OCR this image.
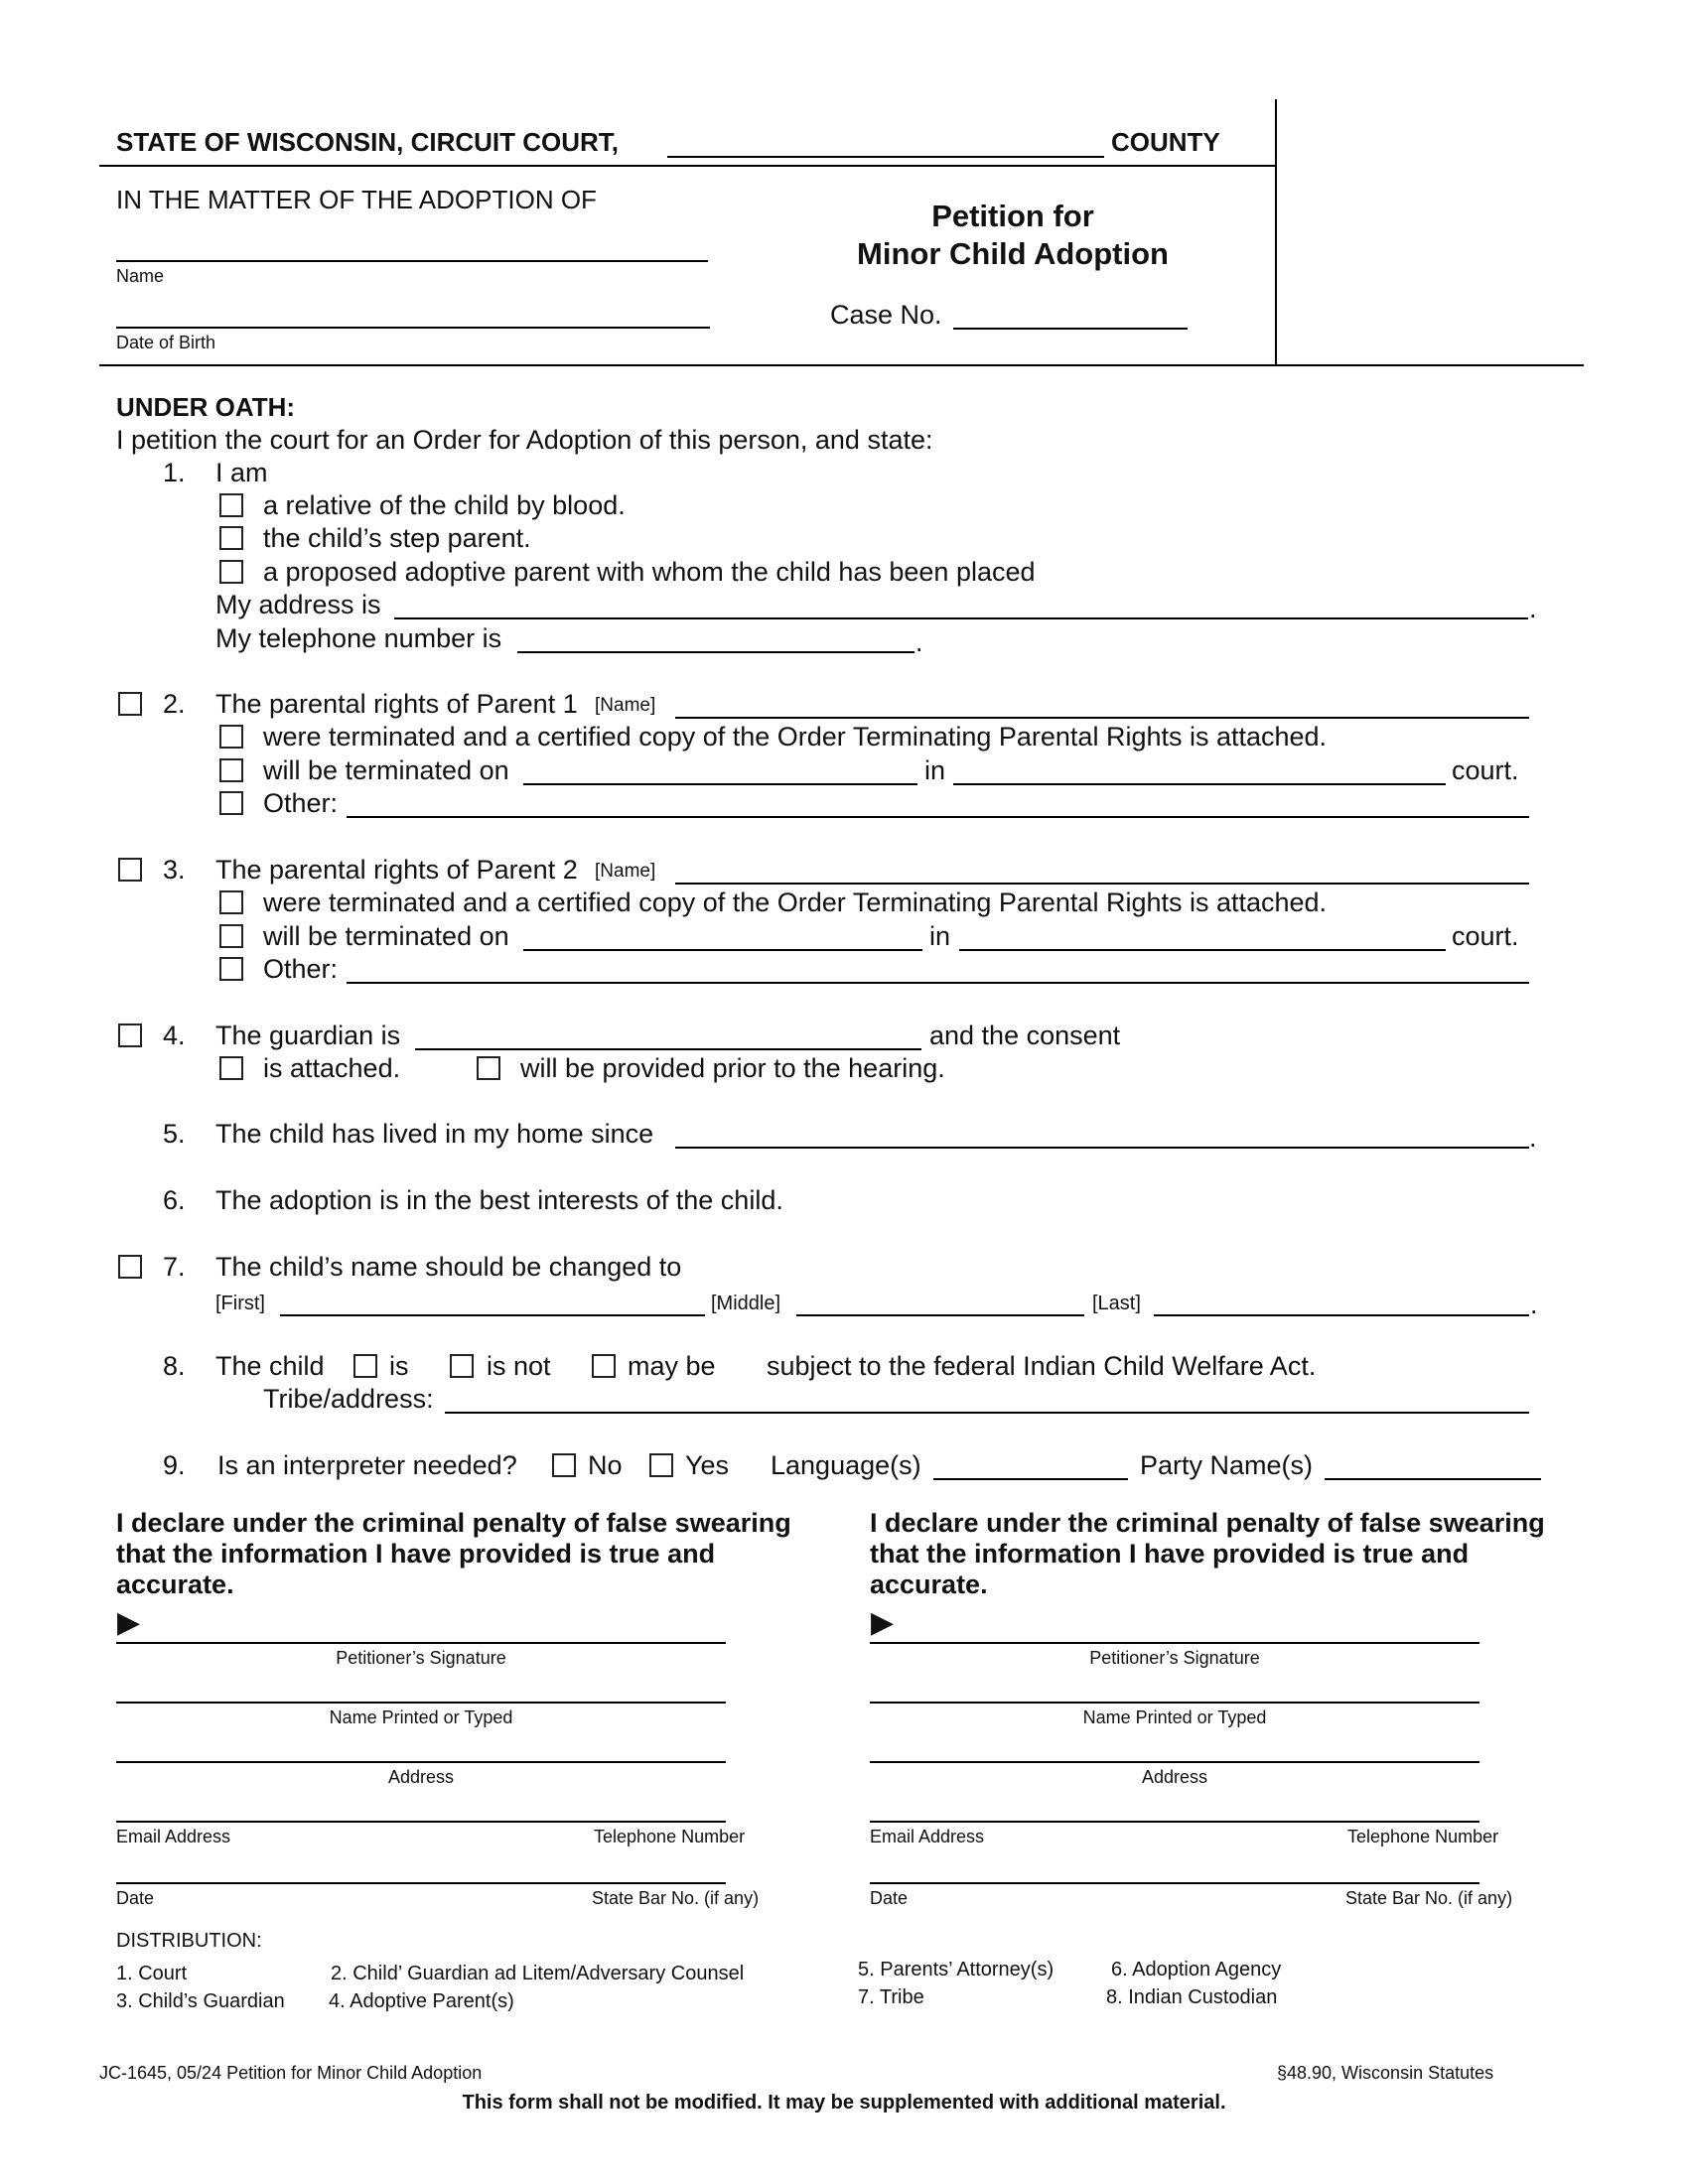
STATE OF WISCONSIN, CIRCUIT COURT,	COUNTY
IN THE MATTER OF THE ADOPTION OF
Name
Date of Birth
Petition for
Minor Child Adoption
Case No.
UNDER OATH:
I petition the court for an Order for Adoption of this person, and state:
1. I am
a relative of the child by blood.
the child’s step parent.
a proposed adoptive parent with whom the child has been placed
My address is	.
My telephone number is	.
2. The parental rights of Parent 1 [Name]
were terminated and a certified copy of the Order Terminating Parental Rights is attached.
will be terminated on	in	court.
Other:
3. The parental rights of Parent 2 [Name]
were terminated and a certified copy of the Order Terminating Parental Rights is attached.
will be terminated on	in	court.
Other:
4. The guardian is	and the consent
is attached.	will be provided prior to the hearing.
5. The child has lived in my home since	.
6. The adoption is in the best interests of the child.
7. The child’s name should be changed to
[First]	[Middle]	[Last]	.
8. The child is	is not	may be subject to the federal Indian Child Welfare Act.
Tribe/address:
9. Is an interpreter needed?	No Yes Language(s)	Party Name(s)
I declare under the criminal penalty of false swearing
that the information I have provided is true and
accurate.
▶
Petitioner’s Signature
Name Printed or Typed
Address
Email Address	Telephone Number
Date	State Bar No. (if any)
I declare under the criminal penalty of false swearing
that the information I have provided is true and
accurate.
▶
Petitioner’s Signature
Name Printed or Typed
Address
Email Address	Telephone Number
Date	State Bar No. (if any)
DISTRIBUTION:
1. Court	2. Child’ Guardian ad Litem/Adversary Counsel
3. Child’s Guardian 4. Adoptive Parent(s)
5. Parents’ Attorney(s)	6. Adoption Agency
7. Tribe	8. Indian Custodian
JC-1645, 05/24 Petition for Minor Child Adoption	§48.90, Wisconsin Statutes
This form shall not be modified. It may be supplemented with additional material.
